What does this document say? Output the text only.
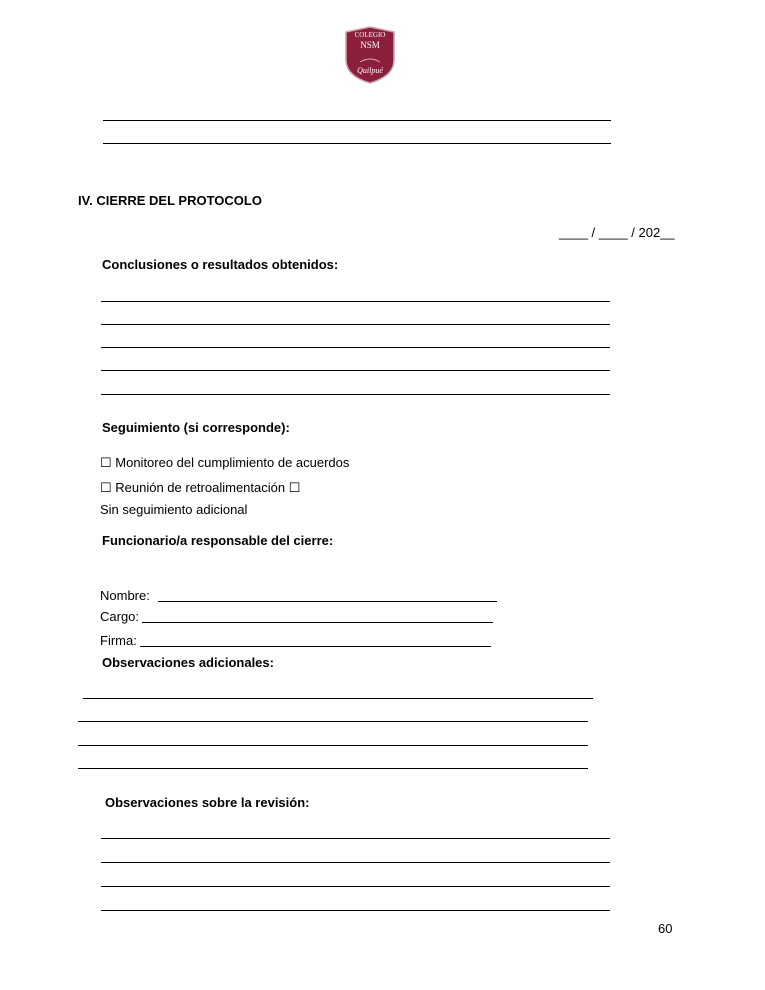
COLEGIO
NSM
Quilpué
IV. CIERRE DEL PROTOCOLO
____ / ____ / 202__
Conclusiones o resultados obtenidos:
Seguimiento (si corresponde):
☐ Monitoreo del cumplimiento de acuerdos
☐ Reunión de retroalimentación ☐
Sin seguimiento adicional
Funcionario/a responsable del cierre:
Nombre:
Cargo:
Firma:
Observaciones adicionales:
Observaciones sobre la revisión:
60
